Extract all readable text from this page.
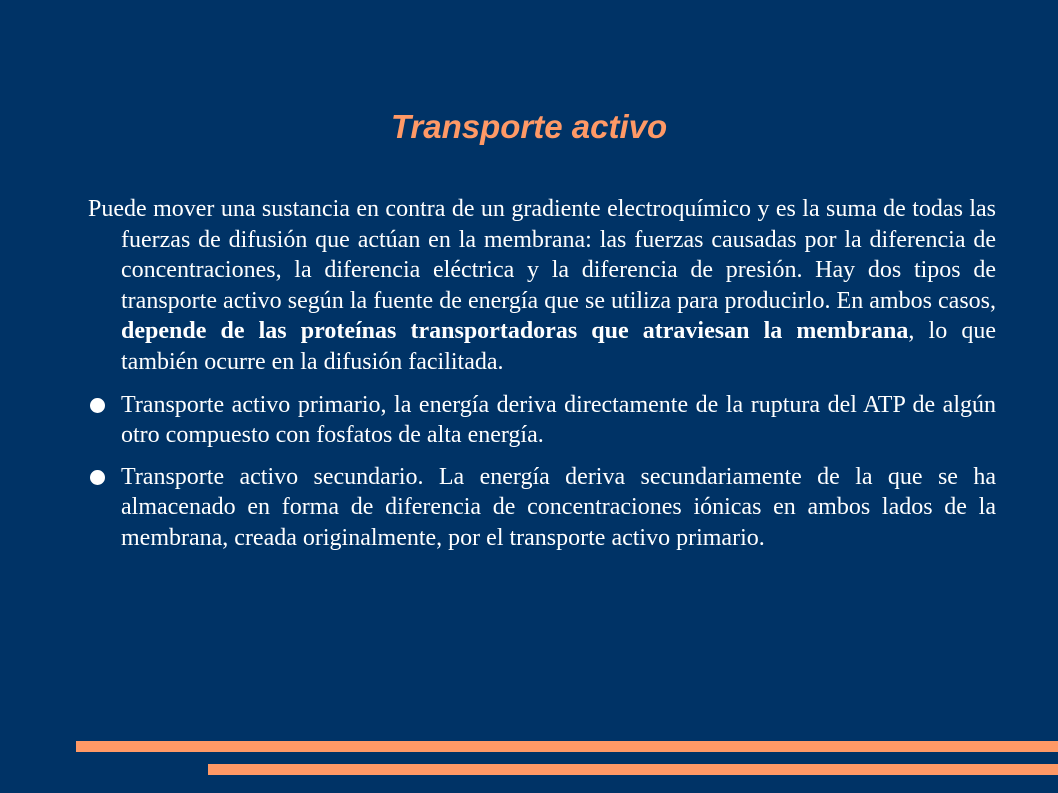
Transporte activo

Puede mover una sustancia en contra de un gradiente electroquímico y es la suma de todas las fuerzas de difusión que actúan en la membrana: las fuerzas causadas por la diferencia de concentraciones, la diferencia eléctrica y la diferencia de presión. Hay dos tipos de transporte activo según la fuente de energía que se utiliza para producirlo. En ambos casos, depende de las proteínas transportadoras que atraviesan la membrana, lo que también ocurre en la difusión facilitada.

Transporte activo primario, la energía deriva directamente de la ruptura del ATP de algún otro compuesto con fosfatos de alta energía.
Transporte activo secundario. La energía deriva secundariamente de la que se ha almacenado en forma de diferencia de concentraciones iónicas en ambos lados de la membrana, creada originalmente, por el transporte activo primario.
